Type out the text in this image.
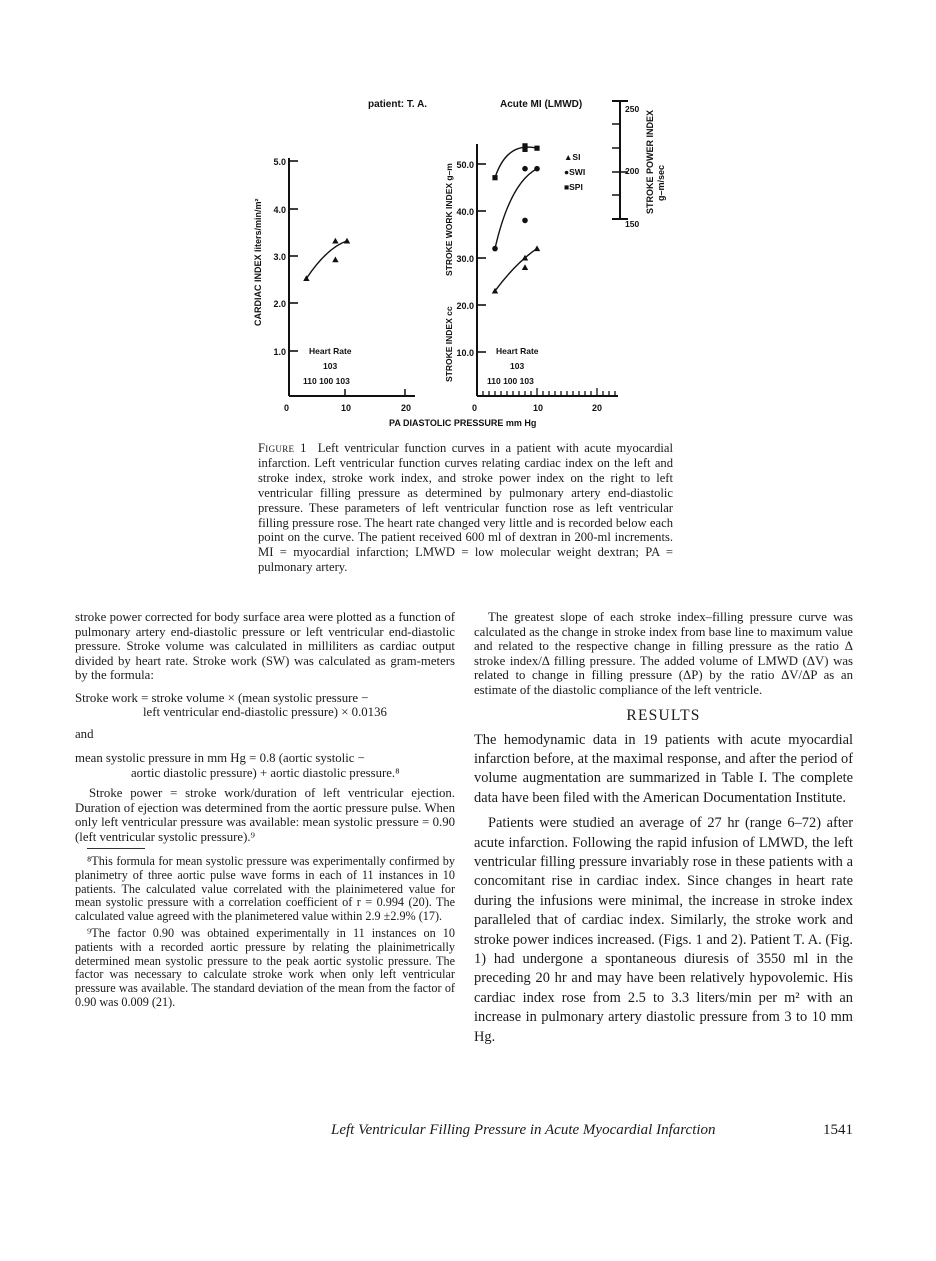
patient: T. A.	Acute MI (LMWD)
5.0
4.0
3.0
2.0
1.0
CARDIAC INDEX liters/min/m²
Heart Rate
103
110 100 103
0	10	20
50.0
40.0
30.0
20.0
10.0
STROKE WORK INDEX g–m
STROKE INDEX cc	Heart Rate
103
110 100 103
0	10	20
▲SI
●SWI
■SPI
250
200
150
STROKE POWER INDEX g–m/sec
PA DIASTOLIC PRESSURE mm Hg
Figure 1 Left ventricular function curves in a patient with acute myocardial infarction. Left ventricular function curves relating cardiac index on the left and stroke index, stroke work index, and stroke power index on the right to left ventricular filling pressure as determined by pulmonary artery end-diastolic pressure. These parameters of left ventricular function rose as left ventricular filling pressure rose. The heart rate changed very little and is recorded below each point on the curve. The patient received 600 ml of dextran in 200-ml increments. MI = myocardial infarction; LMWD = low molecular weight dextran; PA = pulmonary artery.

stroke power corrected for body surface area were plotted as a function of pulmonary artery end-diastolic pressure or left ventricular end-diastolic pressure. Stroke volume was calculated in milliliters as cardiac output divided by heart rate. Stroke work (SW) was calculated as gram-meters by the formula:

Stroke work = stroke volume × (mean systolic pressure −

left ventricular end-diastolic pressure) × 0.0136

and

mean systolic pressure in mm Hg = 0.8 (aortic systolic −

aortic diastolic pressure) + aortic diastolic pressure.⁸

Stroke power = stroke work/duration of left ventricular ejection. Duration of ejection was determined from the aortic pressure pulse. When only left ventricular pressure was available: mean systolic pressure = 0.90 (left ventricular systolic pressure).⁹

⁸This formula for mean systolic pressure was experimentally confirmed by planimetry of three aortic pulse wave forms in each of 11 instances in 10 patients. The calculated value correlated with the plainimetered value for mean systolic pressure with a correlation coefficient of r = 0.994 (20). The calculated value agreed with the planimetered value within 2.9 ±2.9% (17).

⁹The factor 0.90 was obtained experimentally in 11 instances on 10 patients with a recorded aortic pressure by relating the plainimetrically determined mean systolic pressure to the peak aortic systolic pressure. The factor was necessary to calculate stroke work when only left ventricular pressure was available. The standard deviation of the mean from the factor of 0.90 was 0.009 (21).

The greatest slope of each stroke index–filling pressure curve was calculated as the change in stroke index from base line to maximum value and related to the respective change in filling pressure as the ratio Δ stroke index/Δ filling pressure. The added volume of LMWD (ΔV) was related to change in filling pressure (ΔP) by the ratio ΔV/ΔP as an estimate of the diastolic compliance of the left ventricle.

RESULTS

The hemodynamic data in 19 patients with acute myocardial infarction before, at the maximal response, and after the period of volume augmentation are summarized in Table I. The complete data have been filed with the American Documentation Institute.

Patients were studied an average of 27 hr (range 6–72) after acute infarction. Following the rapid infusion of LMWD, the left ventricular filling pressure invariably rose in these patients with a concomitant rise in cardiac index. Since changes in heart rate during the infusions were minimal, the increase in stroke index paralleled that of cardiac index. Similarly, the stroke work and stroke power indices increased. (Figs. 1 and 2). Patient T. A. (Fig. 1) had undergone a spontaneous diuresis of 3550 ml in the preceding 20 hr and may have been relatively hypovolemic. His cardiac index rose from 2.5 to 3.3 liters/min per m² with an increase in pulmonary artery diastolic pressure from 3 to 10 mm Hg.

Left Ventricular Filling Pressure in Acute Myocardial Infarction	1541
